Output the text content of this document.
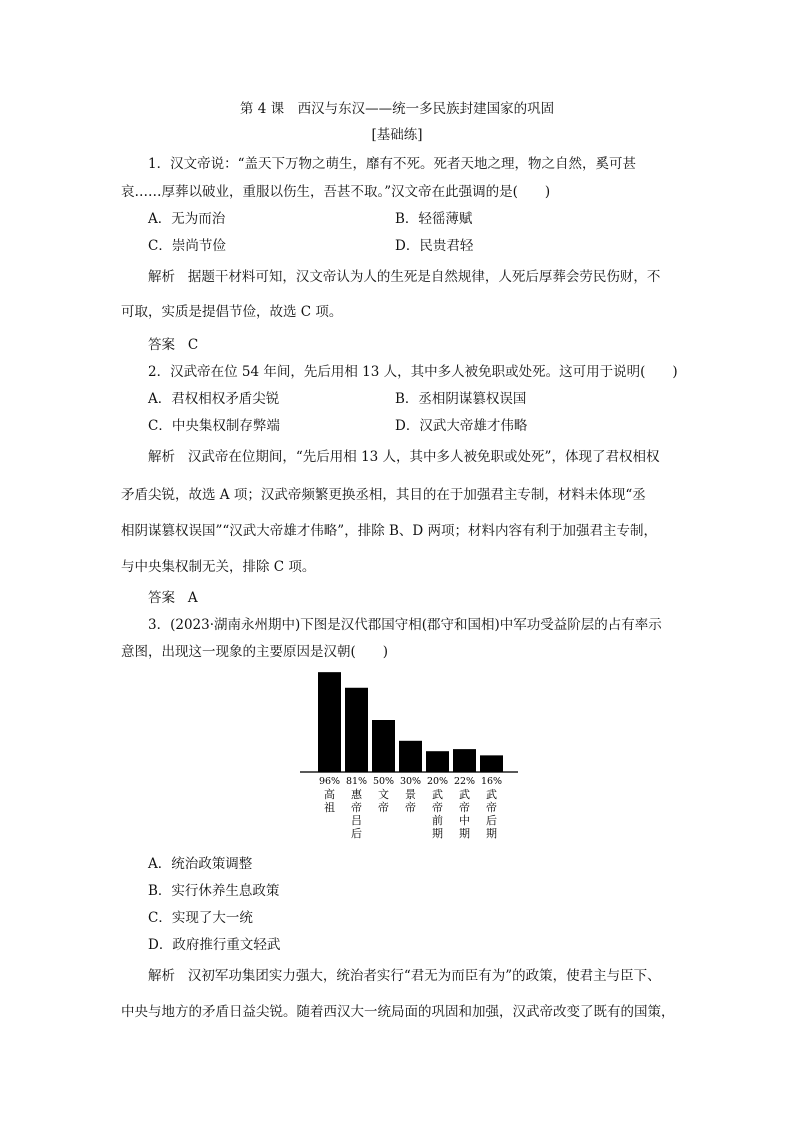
第 4 课　西汉与东汉——统一多民族封建国家的巩固
[基础练]
1．汉文帝说：“盖天下万物之萌生，靡有不死。死者天地之理，物之自然，奚可甚
哀……厚葬以破业，重服以伤生，吾甚不取。”汉文帝在此强调的是(　　)
A．无为而治	B．轻徭薄赋
C．崇尚节俭	D．民贵君轻
解析 据题干材料可知，汉文帝认为人的生死是自然规律，人死后厚葬会劳民伤财，不
可取，实质是提倡节俭，故选 C 项。
答案 C
2．汉武帝在位 54 年间，先后用相 13 人，其中多人被免职或处死。这可用于说明(　　)
A．君权相权矛盾尖锐	B．丞相阴谋篡权误国
C．中央集权制存弊端	D．汉武大帝雄才伟略
解析 汉武帝在位期间，“先后用相 13 人，其中多人被免职或处死”，体现了君权相权
矛盾尖锐，故选 A 项；汉武帝频繁更换丞相，其目的在于加强君主专制，材料未体现“丞
相阴谋篡权误国”“汉武大帝雄才伟略”，排除 B、D 两项；材料内容有利于加强君主专制，
与中央集权制无关，排除 C 项。
答案 A
3．(2023·湖南永州期中)下图是汉代郡国守相(郡守和国相)中军功受益阶层的占有率示
意图，出现这一现象的主要原因是汉朝(　　)
96%
高祖
81%
惠帝吕后
50%
文帝
30%
景帝
20%
武帝前期
22%
武帝中期
16%
武帝后期
A．统治政策调整
B．实行休养生息政策
C．实现了大一统
D．政府推行重文轻武
解析 汉初军功集团实力强大，统治者实行“君无为而臣有为”的政策，使君主与臣下、
中央与地方的矛盾日益尖锐。随着西汉大一统局面的巩固和加强，汉武帝改变了既有的国策，
